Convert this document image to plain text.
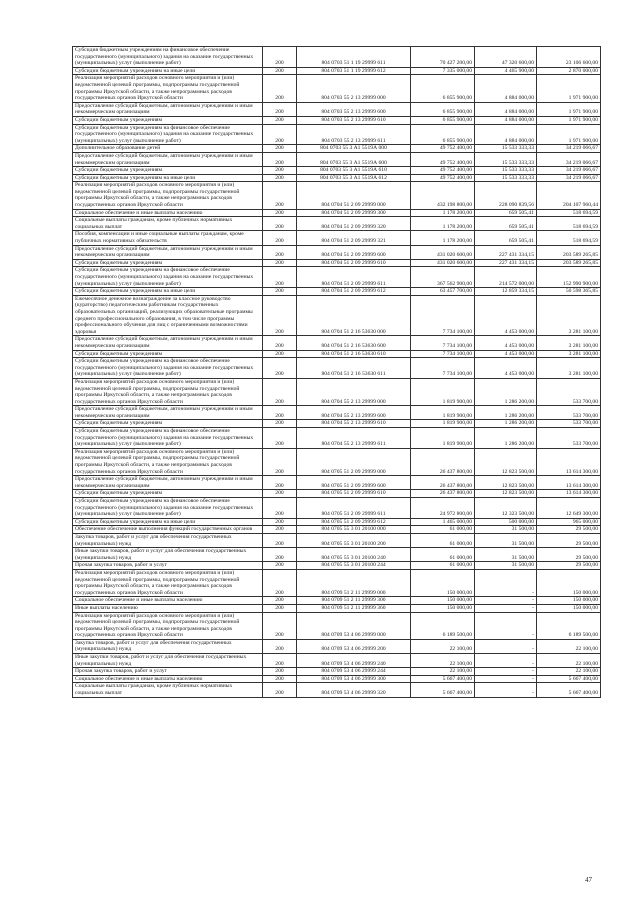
Субсидия бюджетным учреждениям на финансовое обеспечение государственного (муниципального) задания на оказание государственных (муниципальных) услуг (выполнение работ)	200	804 0703 51 1 19 29999 611	70 427 200,00	47 320 600,00	23 106 600,00
Субсидии бюджетным учреждениям на иные цели	200	804 0703 51 1 19 29999 612	7 335 000,00	4 465 900,00	2 870 000,00
Реализация мероприятий расходов основного мероприятия и (или) ведомственной целевой программы, подпрограммы государственной программы Иркутской области, а также непрограммных расходов государственных органов Иркутской области	200	804 0703 55 2 13 29999 000	6 855 900,00	4 884 000,00	1 971 900,00
Предоставление субсидий бюджетным, автономным учреждениям и иным некоммерческим организациям	200	804 0703 55 2 13 29999 600	6 855 900,00	4 884 000,00	1 971 900,00
Субсидии бюджетным учреждениям	200	804 0703 55 2 13 29999 610	6 855 900,00	4 884 000,00	1 971 900,00
Субсидии бюджетным учреждениям на финансовое обеспечение государственного (муниципального) задания на оказание государственных (муниципальных) услуг (выполнение работ)	200	804 0703 55 2 13 29999 611	6 855 900,00	4 884 000,00	1 971 900,00
Дополнительное образование детей	200	804 0703 55 3 А1 5519А 000	49 752 400,00	15 533 333,33	34 219 066,67
Предоставление субсидий бюджетным, автономным учреждениям и иным некоммерческим организациям	200	804 0703 55 3 А1 5519А 600	49 752 400,00	15 533 333,33	34 219 066,67
Субсидии бюджетным учреждениям	200	804 0703 55 3 А1 5519А 610	49 752 400,00	15 533 333,33	34 219 066,67
Субсидии бюджетным учреждениям на иные цели	200	804 0703 55 3 А1 5519А 612	49 752 400,00	15 533 333,33	34 219 066,67
Реализация мероприятий расходов основного мероприятия и (или) ведомственной целевой программы, подпрограммы государственной программы Иркутской области, а также непрограммных расходов государственных органов Иркутской области	200	804 0704 51 2 09 29999 000	432 198 800,00	228 090 839,56	204 107 960,44
Социальное обеспечение и иные выплаты населению	200	804 0704 51 2 09 29999 300	1 178 200,00	659 505,41	518 694,59
Социальные выплаты гражданам, кроме публичных нормативных социальных выплат	200	804 0704 51 2 09 29999 320	1 178 200,00	659 505,41	518 694,59
Пособия, компенсации и иные социальные выплаты гражданам, кроме публичных нормативных обязательств	200	804 0704 51 2 09 29999 321	1 178 200,00	659 505,41	518 694,59
Предоставление субсидий бюджетным, автономным учреждениям и иным некоммерческим организациям	200	804 0704 51 2 09 29999 600	431 020 600,00	227 431 334,15	203 589 265,85
Субсидии бюджетным учреждениям	200	804 0704 51 2 09 29999 610	431 020 600,00	227 431 334,15	203 589 265,85
Субсидии бюджетным учреждениям на финансовое обеспечение государственного (муниципального) задания на оказание государственных (муниципальных) услуг (выполнение работ)	200	804 0704 51 2 09 29999 611	367 562 900,00	214 572 000,00	152 990 900,00
Субсидии бюджетным учреждениям на иные цели	200	804 0704 51 2 09 29999 612	63 457 700,00	12 859 334,15	50 598 365,85
Ежемесячное денежное вознаграждение за классное руководство (кураторство) педагогическим работникам государственных образовательных организаций, реализующих образовательные программы среднего профессионального образования, в том числе программы профессионального обучения для лиц с ограниченными возможностями здоровья	200	804 0704 51 2 16 53630 000	7 734 100,00	4 453 000,00	3 281 100,00
Предоставление субсидий бюджетным, автономным учреждениям и иным некоммерческим организациям	200	804 0704 51 2 16 53630 600	7 734 100,00	4 453 000,00	3 281 100,00
Субсидии бюджетным учреждениям	200	804 0704 51 2 16 53630 610	7 734 100,00	4 453 000,00	3 281 100,00
Субсидии бюджетным учреждениям на финансовое обеспечение государственного (муниципального) задания на оказание государственных (муниципальных) услуг (выполнение работ)	200	804 0704 51 2 16 53630 611	7 734 100,00	4 453 000,00	3 281 100,00
Реализация мероприятий расходов основного мероприятия и (или) ведомственной целевой программы, подпрограммы государственной программы Иркутской области, а также непрограммных расходов государственных органов Иркутской области	200	804 0704 55 2 13 29999 000	1 819 900,00	1 286 200,00	533 700,00
Предоставление субсидий бюджетным, автономным учреждениям и иным некоммерческим организациям	200	804 0704 55 2 13 29999 600	1 819 900,00	1 286 200,00	533 700,00
Субсидии бюджетным учреждениям	200	804 0704 55 2 13 29999 610	1 819 900,00	1 286 200,00	533 700,00
Субсидии бюджетным учреждениям на финансовое обеспечение государственного (муниципального) задания на оказание государственных (муниципальных) услуг (выполнение работ)	200	804 0704 55 2 13 29999 611	1 819 900,00	1 286 200,00	533 700,00
Реализация мероприятий расходов основного мероприятия и (или) ведомственной целевой программы, подпрограммы государственной программы Иркутской области, а также непрограммных расходов государственных органов Иркутской области	200	804 0705 51 2 09 29999 000	26 437 800,00	12 823 500,00	13 614 300,00
Предоставление субсидий бюджетным, автономным учреждениям и иным некоммерческим организациям	200	804 0705 51 2 09 29999 600	26 437 800,00	12 823 500,00	13 614 300,00
Субсидии бюджетным учреждениям	200	804 0705 51 2 09 29999 610	26 437 800,00	12 823 500,00	13 614 300,00
Субсидии бюджетным учреждениям на финансовое обеспечение государственного (муниципального) задания на оказание государственных (муниципальных) услуг (выполнение работ)	200	804 0705 51 2 09 29999 611	24 972 800,00	12 323 500,00	12 649 300,00
Субсидии бюджетным учреждениям на иные цели	200	804 0705 51 2 09 29999 612	1 465 000,00	500 000,00	965 000,00
Обеспечение обеспечение выполнения функций государственных органов	200	804 0705 55 3 01 20100 000	61 000,00	31 500,00	29 500,00
Закупка товаров, работ и услуг для обеспечения государственных (муниципальных) нужд	200	804 0705 55 3 01 20100 200	61 000,00	31 500,00	29 500,00
Иные закупки товаров, работ и услуг для обеспечения государственных (муниципальных) нужд	200	804 0705 55 3 01 20100 240	61 000,00	31 500,00	29 500,00
Прочая закупка товаров, работ и услуг	200	804 0705 55 3 01 20100 244	61 000,00	31 500,00	29 500,00
Реализация мероприятий расходов основного мероприятия и (или) ведомственной целевой программы, подпрограммы государственной программы Иркутской области, а также непрограммных расходов государственных органов Иркутской области	200	804 0709 51 2 11 29999 000	150 000,00	-	150 000,00
Социальное обеспечение и иные выплаты населению	200	804 0709 51 2 11 29999 300	150 000,00	-	150 000,00
Иные выплаты населению	200	804 0709 51 2 11 29999 360	150 000,00	-	150 000,00
Реализация мероприятий расходов основного мероприятия и (или) ведомственной целевой программы, подпрограммы государственной программы Иркутской области, а также непрограммных расходов государственных органов Иркутской области	200	804 0709 53 4 06 29999 000	6 189 500,00	-	6 189 500,00
Закупка товаров, работ и услуг для обеспечения государственных (муниципальных) нужд	200	804 0709 53 4 06 29999 200	22 100,00	-	22 100,00
Иные закупки товаров, работ и услуг для обеспечения государственных (муниципальных) нужд	200	804 0709 53 4 06 29999 240	22 100,00	-	22 100,00
Прочая закупка товаров, работ и услуг	200	804 0709 53 4 06 29999 244	22 100,00	-	22 100,00
Социальное обеспечение и иные выплаты населению	200	804 0709 53 4 06 29999 300	5 667 400,00	-	5 667 400,00
Социальные выплаты гражданам, кроме публичных нормативных социальных выплат	200	804 0709 53 4 06 29999 320	5 667 400,00	-	5 667 400,00
47
